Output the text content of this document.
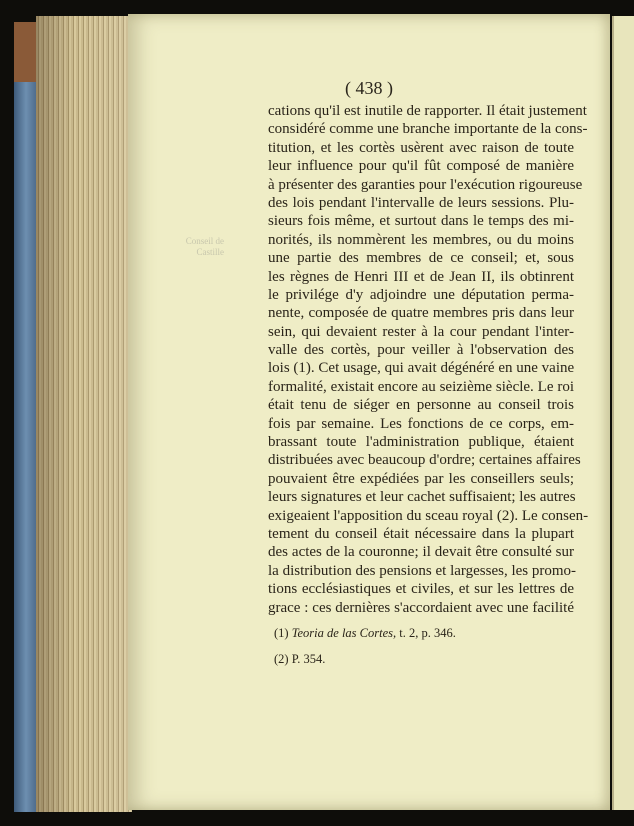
Conseil de Castille
( 438 )
cations qu'il est inutile de rapporter. Il était justement
considéré comme une branche importante de la cons-
titution, et les cortès usèrent avec raison de toute
leur influence pour qu'il fût composé de manière
à présenter des garanties pour l'exécution rigoureuse
des lois pendant l'intervalle de leurs sessions. Plu-
sieurs fois même, et surtout dans le temps des mi-
norités, ils nommèrent les membres, ou du moins
une partie des membres de ce conseil; et, sous
les règnes de Henri III et de Jean II, ils obtinrent
le privilége d'y adjoindre une députation perma-
nente, composée de quatre membres pris dans leur
sein, qui devaient rester à la cour pendant l'inter-
valle des cortès, pour veiller à l'observation des
lois (1). Cet usage, qui avait dégénéré en une vaine
formalité, existait encore au seizième siècle. Le roi
était tenu de siéger en personne au conseil trois
fois par semaine. Les fonctions de ce corps, em-
brassant toute l'administration publique, étaient
distribuées avec beaucoup d'ordre; certaines affaires
pouvaient être expédiées par les conseillers seuls;
leurs signatures et leur cachet suffisaient; les autres
exigeaient l'apposition du sceau royal (2). Le consen-
tement du conseil était nécessaire dans la plupart
des actes de la couronne; il devait être consulté sur
la distribution des pensions et largesses, les promo-
tions ecclésiastiques et civiles, et sur les lettres de
grace : ces dernières s'accordaient avec une facilité
(1) Teoria de las Cortes, t. 2, p. 346.
(2) P. 354.
